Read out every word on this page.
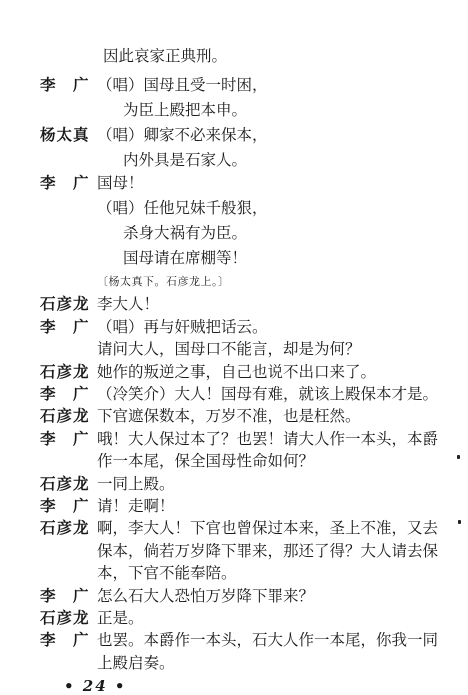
因此哀家正典刑。
李　广 （唱）国母且受一时困，
为臣上殿把本申。
杨太真 （唱）卿家不必来保本，
内外具是石家人。
李　广 国母！
（唱）任他兄妹千般狠，
杀身大祸有为臣。
国母请在席棚等！
〔杨太真下。石彦龙上。〕
石彦龙 李大人！
李　广 （唱）再与奸贼把话云。
请问大人，国母口不能言，却是为何？
石彦龙 她作的叛逆之事，自己也说不出口来了。
李　广 （冷笑介）大人！国母有难，就该上殿保本才是。
石彦龙 下官遮保数本，万岁不准，也是枉然。
李　广 哦！大人保过本了？也罢！请大人作一本头，本爵
作一本尾，保全国母性命如何？
石彦龙 一同上殿。
李　广 请！走啊！
石彦龙 啊，李大人！下官也曾保过本来，圣上不准，又去
保本，倘若万岁降下罪来，那还了得？大人请去保
本，下官不能奉陪。
李　广 怎么石大人恐怕万岁降下罪来？
石彦龙
• 24 •
正是。
李　广 也罢。本爵作一本头，石大人作一本尾，你我一同
上殿启奏。
